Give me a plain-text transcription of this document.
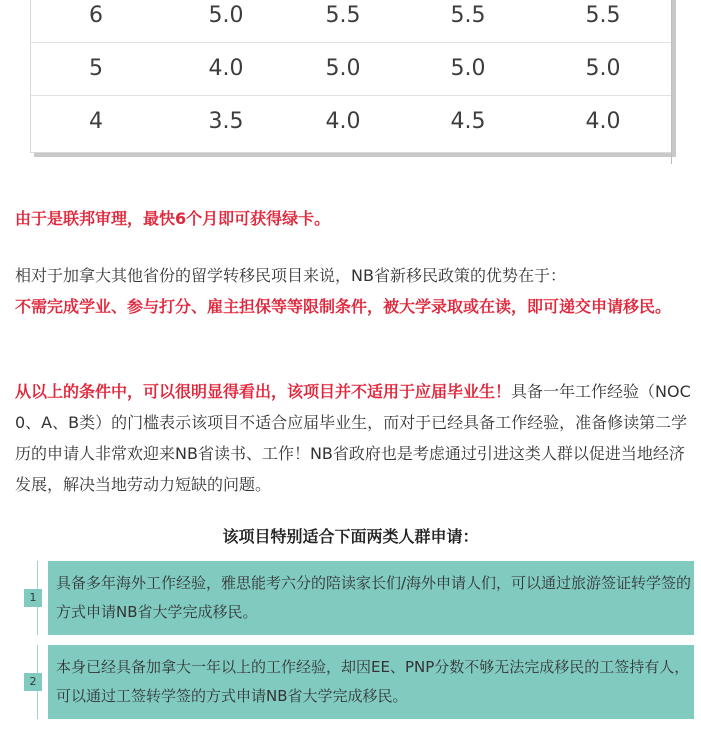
6	5.0	5.5	5.5	5.5
5	4.0	5.0	5.0	5.0
4	3.5	4.0	4.5	4.0

由于是联邦审理，最快6个月即可获得绿卡。

相对于加拿大其他省份的留学转移民项目来说，NB省新移民政策的优势在于：
不需完成学业、参与打分、雇主担保等等限制条件，被大学录取或在读，即可递交申请移民。

从以上的条件中，可以很明显得看出，该项目并不适用于应届毕业生！具备一年工作经验（NOC 0、A、B类）的门槛表示该项目不适合应届毕业生，而对于已经具备工作经验，准备修读第二学历的申请人非常欢迎来NB省读书、工作！NB省政府也是考虑通过引进这类人群以促进当地经济发展，解决当地劳动力短缺的问题。

该项目特别适合下面两类人群申请：
1
具备多年海外工作经验，雅思能考六分的陪读家长们/海外申请人们，可以通过旅游签证转学签的方式申请NB省大学完成移民。
2
本身已经具备加拿大一年以上的工作经验，却因EE、PNP分数不够无法完成移民的工签持有人，可以通过工签转学签的方式申请NB省大学完成移民。
